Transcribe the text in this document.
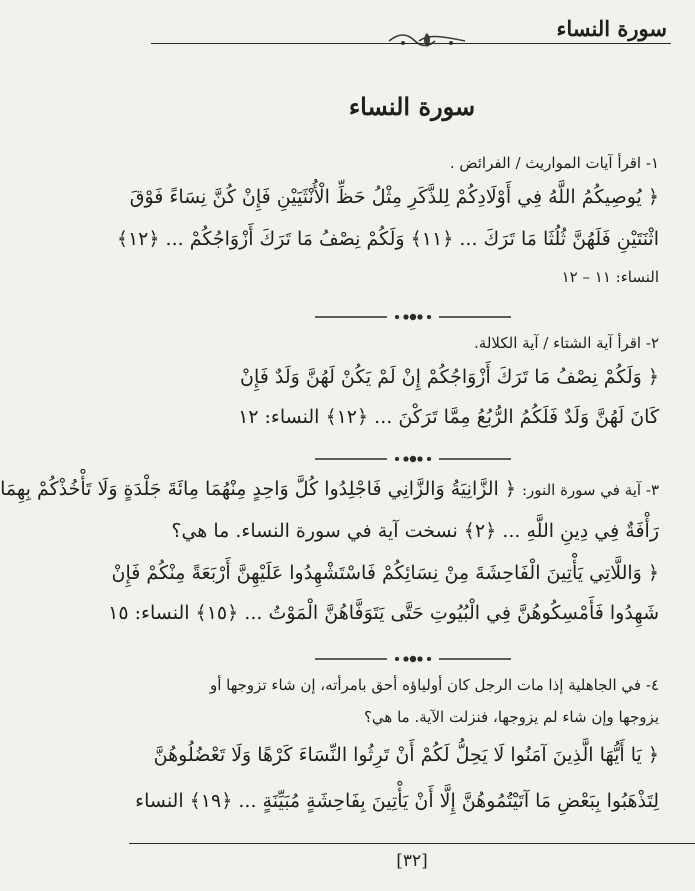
سورة النساء
سورة النساء
١- اقرأ آيات المواريث / الفرائض .
﴿ يُوصِيكُمُ اللَّهُ فِي أَوْلَادِكُمْ لِلذَّكَرِ مِثْلُ حَظِّ الْأُنْثَيَيْنِ فَإِنْ كُنَّ نِسَاءً فَوْقَ
اثْنَتَيْنِ فَلَهُنَّ ثُلُثَا مَا تَرَكَ ... ﴿١١﴾ وَلَكُمْ نِصْفُ مَا تَرَكَ أَزْوَاجُكُمْ ... ﴿١٢﴾
النساء: ١١ – ١٢
٢- اقرأ آية الشتاء / آية الكلالة.
﴿ وَلَكُمْ نِصْفُ مَا تَرَكَ أَزْوَاجُكُمْ إِنْ لَمْ يَكُنْ لَهُنَّ وَلَدٌ فَإِنْ
كَانَ لَهُنَّ وَلَدٌ فَلَكُمُ الرُّبُعُ مِمَّا تَرَكْنَ ... ﴿١٢﴾ النساء: ١٢
٣- آية في سورة النور: ﴿ الزَّانِيَةُ وَالزَّانِي فَاجْلِدُوا كُلَّ وَاحِدٍ مِنْهُمَا مِائَةَ جَلْدَةٍ وَلَا تَأْخُذْكُمْ بِهِمَا
رَأْفَةٌ فِي دِينِ اللَّهِ ... ﴿٢﴾ نسخت آية في سورة النساء. ما هي؟
﴿ وَاللَّاتِي يَأْتِينَ الْفَاحِشَةَ مِنْ نِسَائِكُمْ فَاسْتَشْهِدُوا عَلَيْهِنَّ أَرْبَعَةً مِنْكُمْ فَإِنْ
شَهِدُوا فَأَمْسِكُوهُنَّ فِي الْبُيُوتِ حَتَّى يَتَوَفَّاهُنَّ الْمَوْتُ ... ﴿١٥﴾ النساء: ١٥
٤- في الجاهلية إذا مات الرجل كان أولياؤه أحق بامرأته، إن شاء تزوجها أو
يزوجها وإن شاء لم يزوجها، فنزلت الآية. ما هي؟
﴿ يَا أَيُّهَا الَّذِينَ آمَنُوا لَا يَحِلُّ لَكُمْ أَنْ تَرِثُوا النِّسَاءَ كَرْهًا وَلَا تَعْضُلُوهُنَّ
لِتَذْهَبُوا بِبَعْضِ مَا آتَيْتُمُوهُنَّ إِلَّا أَنْ يَأْتِينَ بِفَاحِشَةٍ مُبَيِّنَةٍ ... ﴿١٩﴾ النساء
[٣٢]
